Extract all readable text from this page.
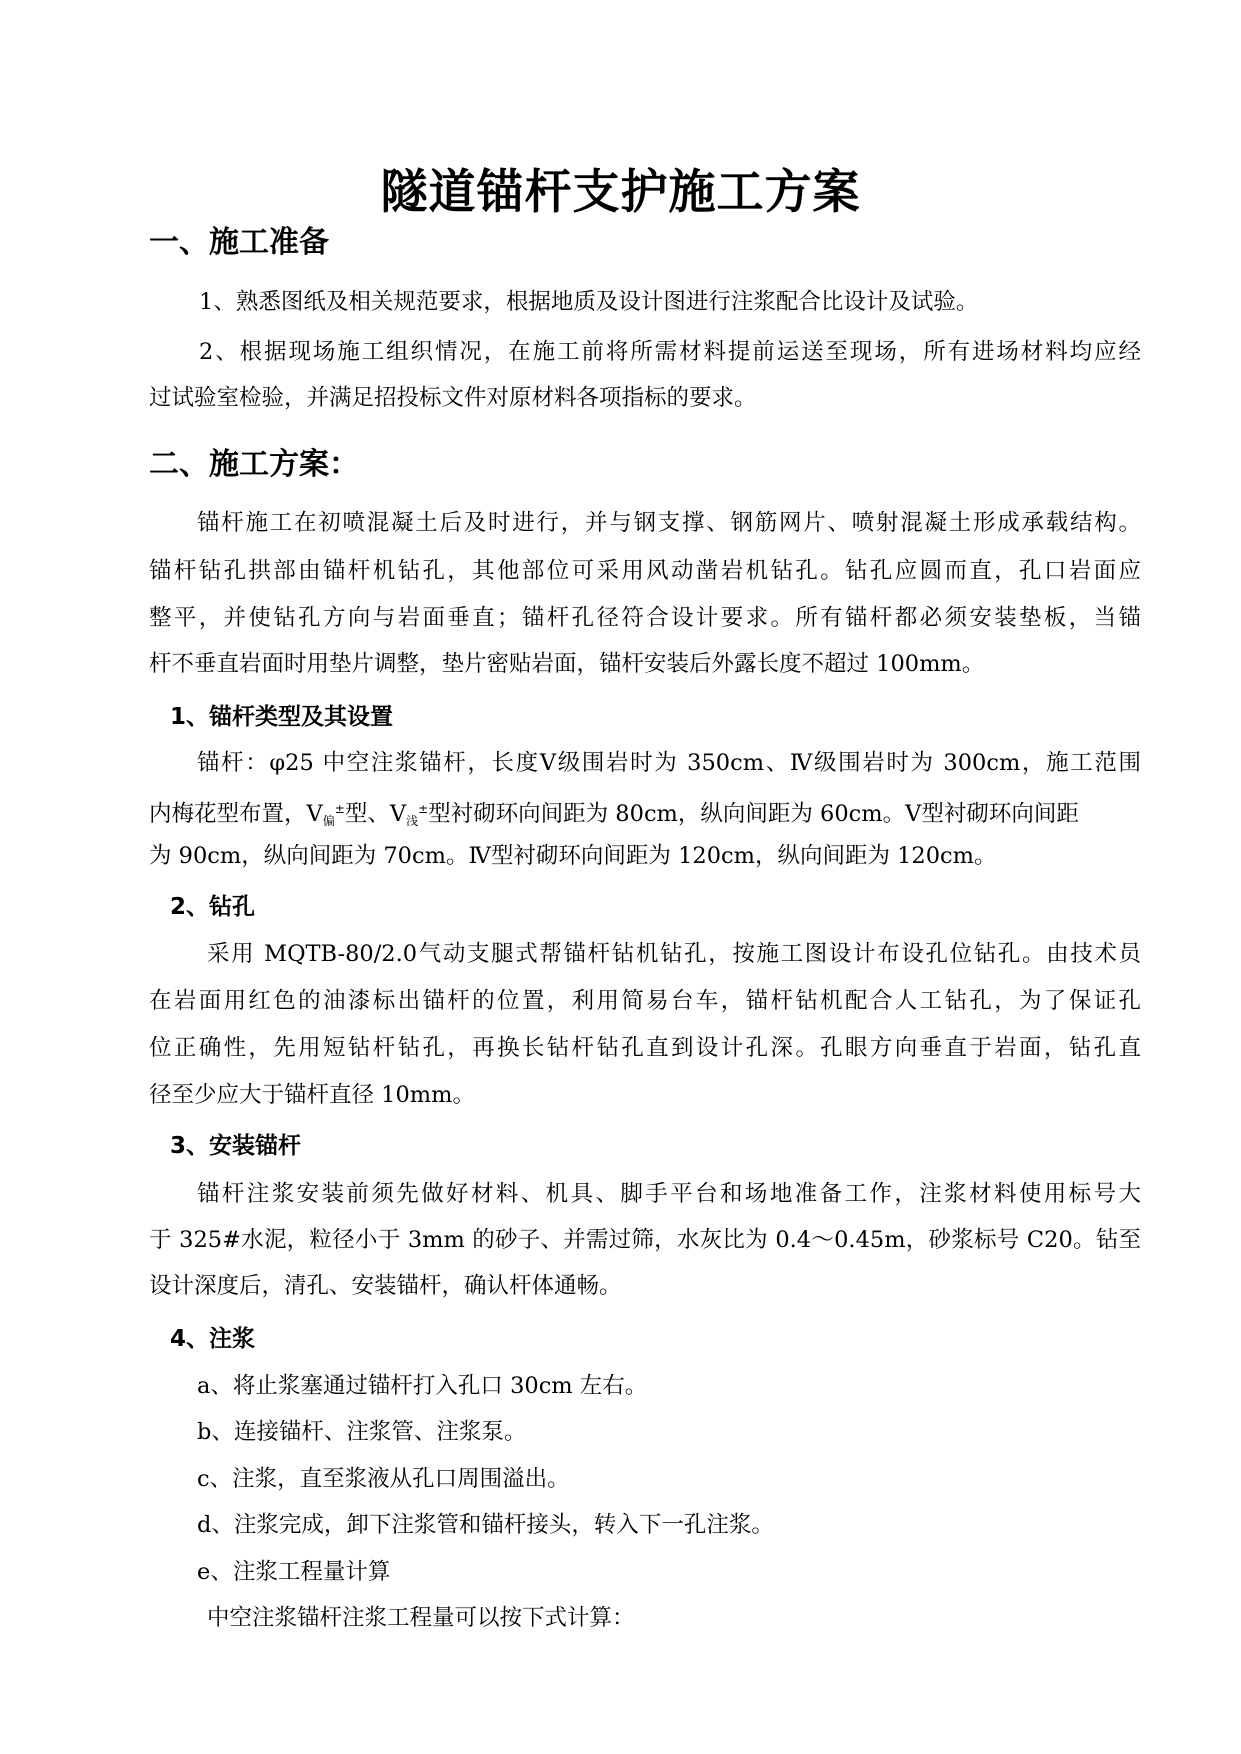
隧道锚杆支护施工方案
一、施工准备
1、熟悉图纸及相关规范要求，根据地质及设计图进行注浆配合比设计及试验。
2、根据现场施工组织情况，在施工前将所需材料提前运送至现场，所有进场材料均应经
过试验室检验，并满足招投标文件对原材料各项指标的要求。
二、施工方案：
锚杆施工在初喷混凝土后及时进行，并与钢支撑、钢筋网片、喷射混凝土形成承载结构。
锚杆钻孔拱部由锚杆机钻孔，其他部位可采用风动凿岩机钻孔。钻孔应圆而直，孔口岩面应
整平，并使钻孔方向与岩面垂直；锚杆孔径符合设计要求。所有锚杆都必须安装垫板，当锚
杆不垂直岩面时用垫片调整，垫片密贴岩面，锚杆安装后外露长度不超过 100mm。
1、锚杆类型及其设置
锚杆：φ25 中空注浆锚杆，长度Ⅴ级围岩时为 350cm、Ⅳ级围岩时为 300cm，施工范围
内梅花型布置，$Ⅴ_偏^\pm$型、$Ⅴ_浅^\pm$型衬砌环向间距为 80cm，纵向间距为 60cm。Ⅴ型衬砌环向间距
为 90cm，纵向间距为 70cm。Ⅳ型衬砌环向间距为 120cm，纵向间距为 120cm。
2、钻孔
采用 MQTB-80/2.0气动支腿式帮锚杆钻机钻孔，按施工图设计布设孔位钻孔。由技术员
在岩面用红色的油漆标出锚杆的位置，利用简易台车，锚杆钻机配合人工钻孔，为了保证孔
位正确性，先用短钻杆钻孔，再换长钻杆钻孔直到设计孔深。孔眼方向垂直于岩面，钻孔直
径至少应大于锚杆直径 10mm。
3、安装锚杆
锚杆注浆安装前须先做好材料、机具、脚手平台和场地准备工作，注浆材料使用标号大
于 325#水泥，粒径小于 3mm 的砂子、并需过筛，水灰比为 0.4～0.45m，砂浆标号 C20。钻至
设计深度后，清孔、安装锚杆，确认杆体通畅。
4、注浆
a、将止浆塞通过锚杆打入孔口 30cm 左右。
b、连接锚杆、注浆管、注浆泵。
c、注浆，直至浆液从孔口周围溢出。
d、注浆完成，卸下注浆管和锚杆接头，转入下一孔注浆。
e、注浆工程量计算
中空注浆锚杆注浆工程量可以按下式计算：
